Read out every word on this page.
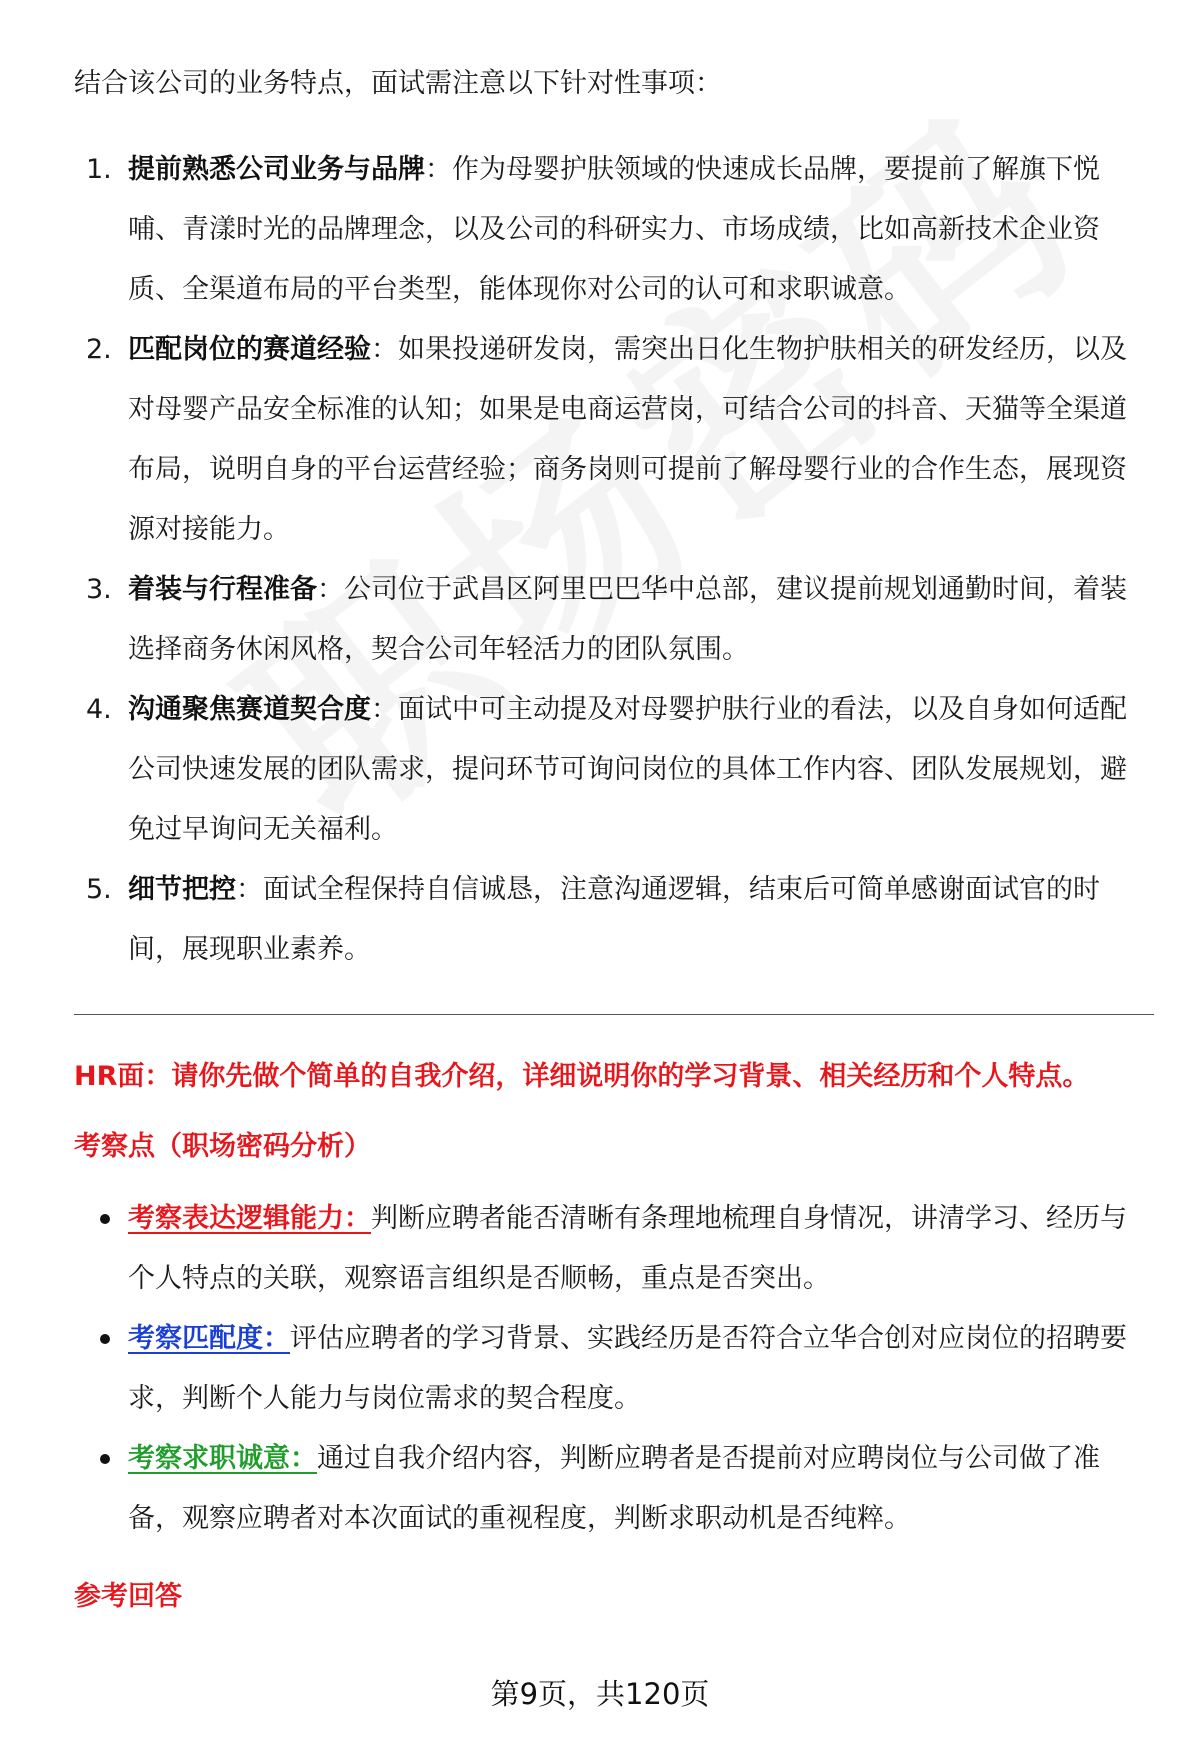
结合该公司的业务特点，面试需注意以下针对性事项：

1. 提前熟悉公司业务与品牌：作为母婴护肤领域的快速成长品牌，要提前了解旗下悦哺、青漾时光的品牌理念，以及公司的科研实力、市场成绩，比如高新技术企业资质、全渠道布局的平台类型，能体现你对公司的认可和求职诚意。
2. 匹配岗位的赛道经验：如果投递研发岗，需突出日化生物护肤相关的研发经历，以及对母婴产品安全标准的认知；如果是电商运营岗，可结合公司的抖音、天猫等全渠道布局，说明自身的平台运营经验；商务岗则可提前了解母婴行业的合作生态，展现资源对接能力。
3. 着装与行程准备：公司位于武昌区阿里巴巴华中总部，建议提前规划通勤时间，着装选择商务休闲风格，契合公司年轻活力的团队氛围。
4. 沟通聚焦赛道契合度：面试中可主动提及对母婴护肤行业的看法，以及自身如何适配公司快速发展的团队需求，提问环节可询问岗位的具体工作内容、团队发展规划，避免过早询问无关福利。
5. 细节把控：面试全程保持自信诚恳，注意沟通逻辑，结束后可简单感谢面试官的时间，展现职业素养。
HR面：请你先做个简单的自我介绍，详细说明你的学习背景、相关经历和个人特点。
考察点（职场密码分析）
考察表达逻辑能力：判断应聘者能否清晰有条理地梳理自身情况，讲清学习、经历与个人特点的关联，观察语言组织是否顺畅，重点是否突出。
考察匹配度：评估应聘者的学习背景、实践经历是否符合立华合创对应岗位的招聘要求，判断个人能力与岗位需求的契合程度。
考察求职诚意：通过自我介绍内容，判断应聘者是否提前对应聘岗位与公司做了准备，观察应聘者对本次面试的重视程度，判断求职动机是否纯粹。
参考回答
第9页，共120页
